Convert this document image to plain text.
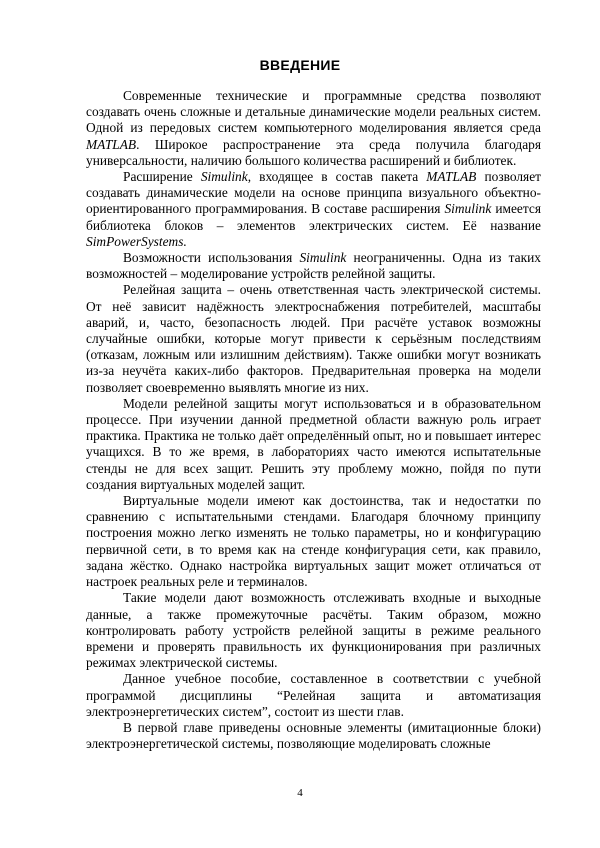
ВВЕДЕНИЕ

Современные технические и программные средства позволяют создавать очень сложные и детальные динамические модели реальных систем. Одной из передовых систем компьютерного моделирования является среда MATLAB. Широкое распространение эта среда получила благодаря универсальности, наличию большого количества расширений и библиотек.

Расширение Simulink, входящее в состав пакета MATLAB позволяет создавать динамические модели на основе принципа визуального объектно-ориентированного программирования. В составе расширения Simulink имеется библиотека блоков – элементов электрических систем. Её название SimPowerSystems.

Возможности использования Simulink неограниченны. Одна из таких возможностей – моделирование устройств релейной защиты.

Релейная защита – очень ответственная часть электрической системы. От неё зависит надёжность электроснабжения потребителей, масштабы аварий, и, часто, безопасность людей. При расчёте уставок возможны случайные ошибки, которые могут привести к серьёзным последствиям (отказам, ложным или излишним действиям). Также ошибки могут возникать из-за неучёта каких-либо факторов. Предварительная проверка на модели позволяет своевременно выявлять многие из них.

Модели релейной защиты могут использоваться и в образовательном процессе. При изучении данной предметной области важную роль играет практика. Практика не только даёт определённый опыт, но и повышает интерес учащихся. В то же время, в лабораториях часто имеются испытательные стенды не для всех защит. Решить эту проблему можно, пойдя по пути создания виртуальных моделей защит.

Виртуальные модели имеют как достоинства, так и недостатки по сравнению с испытательными стендами. Благодаря блочному принципу построения можно легко изменять не только параметры, но и конфигурацию первичной сети, в то время как на стенде конфигурация сети, как правило, задана жёстко. Однако настройка виртуальных защит может отличаться от настроек реальных реле и терминалов.

Такие модели дают возможность отслеживать входные и выходные данные, а также промежуточные расчёты. Таким образом, можно контролировать работу устройств релейной защиты в режиме реального времени и проверять правильность их функционирования при различных режимах электрической системы.

Данное учебное пособие, составленное в соответствии с учебной программой дисциплины “Релейная защита и автоматизация электроэнергетических систем”, состоит из шести глав.

В первой главе приведены основные элементы (имитационные блоки) электроэнергетической системы, позволяющие моделировать сложные

4
